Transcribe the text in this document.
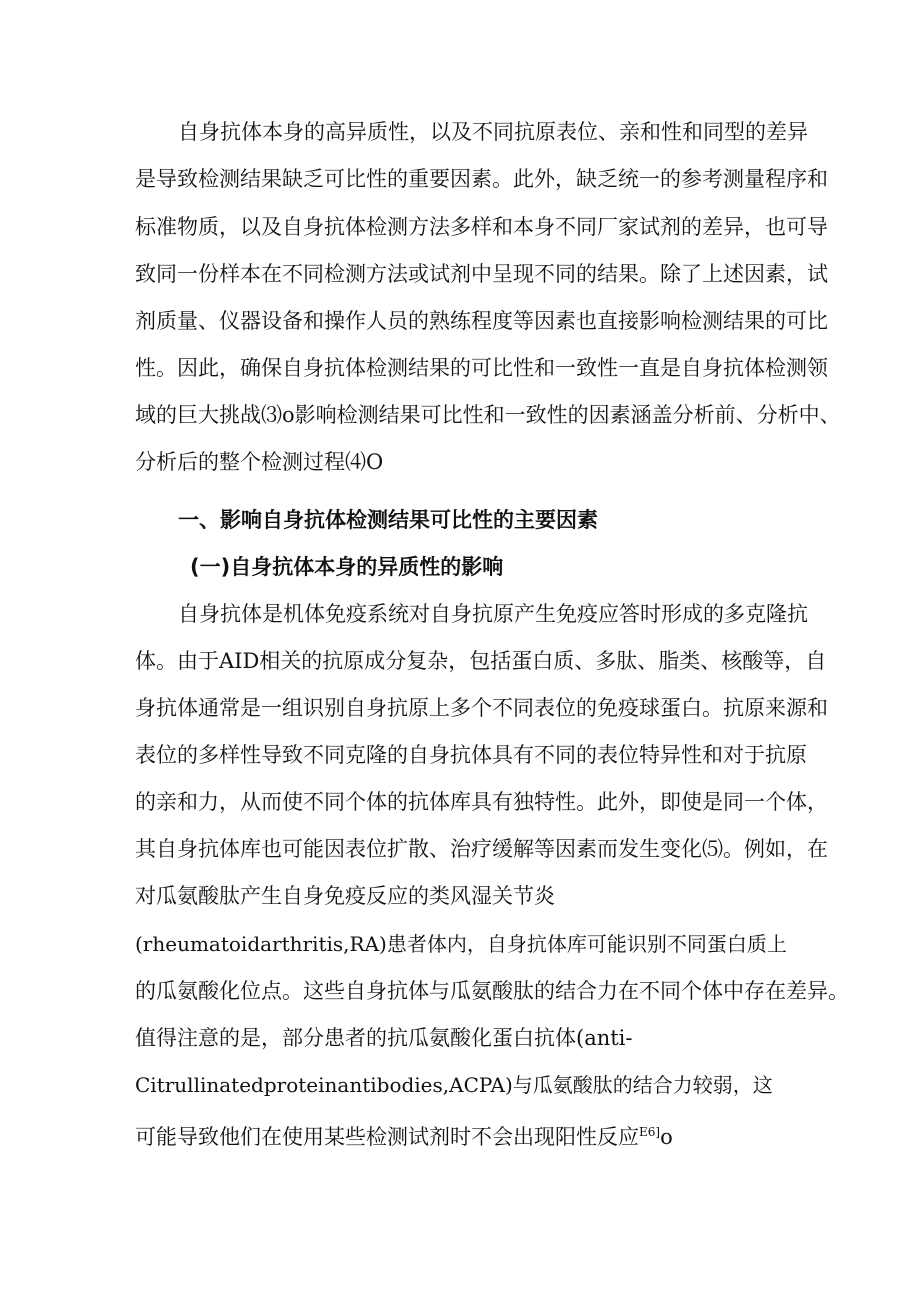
自身抗体本身的高异质性，以及不同抗原表位、亲和性和同型的差异
是导致检测结果缺乏可比性的重要因素。此外，缺乏统一的参考测量程序和
标准物质，以及自身抗体检测方法多样和本身不同厂家试剂的差异，也可导
致同一份样本在不同检测方法或试剂中呈现不同的结果。除了上述因素，试
剂质量、仪器设备和操作人员的熟练程度等因素也直接影响检测结果的可比
性。因此，确保自身抗体检测结果的可比性和一致性一直是自身抗体检测领
域的巨大挑战⑶o影响检测结果可比性和一致性的因素涵盖分析前、分析中、
分析后的整个检测过程⑷O
一、影响自身抗体检测结果可比性的主要因素
(一)自身抗体本身的异质性的影响
自身抗体是机体免疫系统对自身抗原产生免疫应答时形成的多克隆抗
体。由于AID相关的抗原成分复杂，包括蛋白质、多肽、脂类、核酸等，自
身抗体通常是一组识别自身抗原上多个不同表位的免疫球蛋白。抗原来源和
表位的多样性导致不同克隆的自身抗体具有不同的表位特异性和对于抗原
的亲和力，从而使不同个体的抗体库具有独特性。此外，即使是同一个体，
其自身抗体库也可能因表位扩散、治疗缓解等因素而发生变化⑸。例如，在
对瓜氨酸肽产生自身免疫反应的类风湿关节炎
(rheumatoidarthritis,RA)患者体内，自身抗体库可能识别不同蛋白质上
的瓜氨酸化位点。这些自身抗体与瓜氨酸肽的结合力在不同个体中存在差异。
值得注意的是，部分患者的抗瓜氨酸化蛋白抗体(anti-
Citrullinatedproteinantibodies,ACPA)与瓜氨酸肽的结合力较弱，这
可能导致他们在使用某些检测试剂时不会出现阳性反应$^{E6]}$o
